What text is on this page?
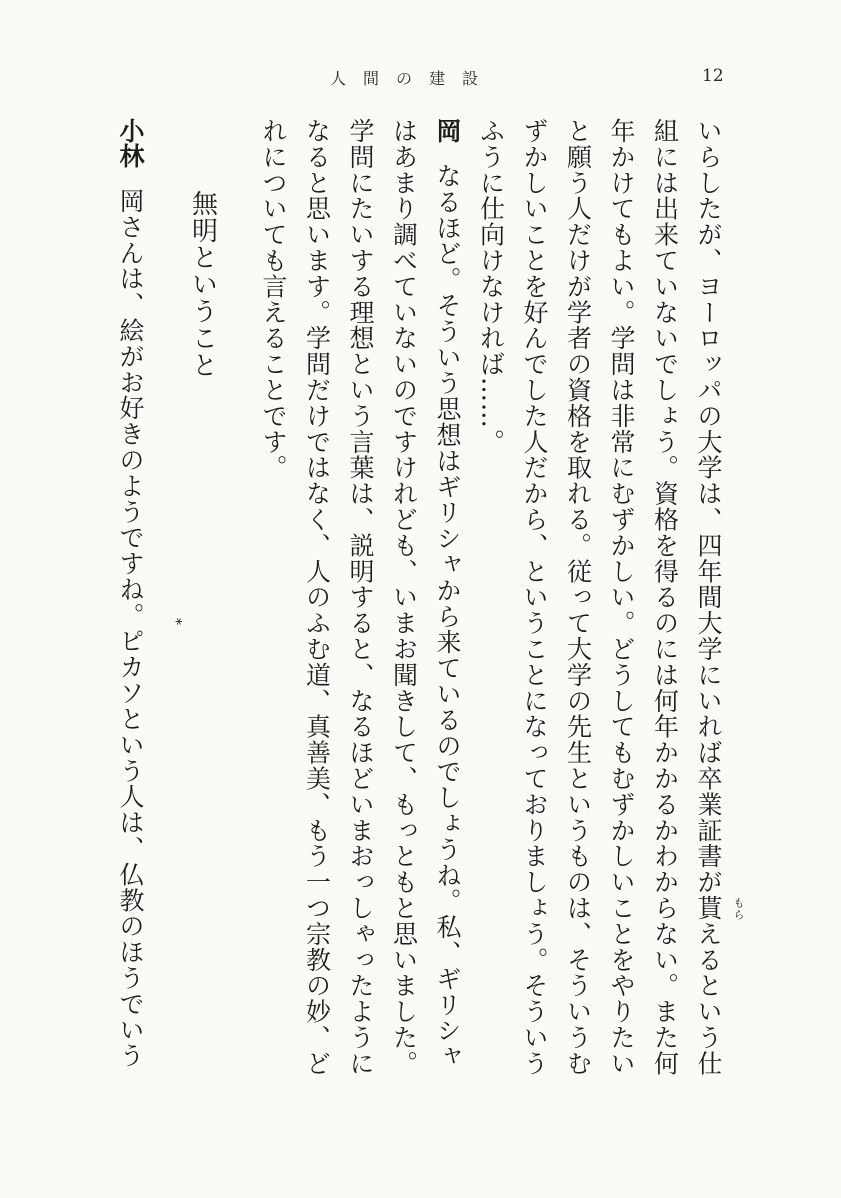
人間の建設	12
いらしたが、ヨーロッパの大学は、四年間大学にいれば卒業証書が貰 もら
えるという仕
組には出来ていないでしょう。資格を得るのには何年かかるかわからない。また何
年かけてもよい。学問は非常にむずかしい。どうしてもむずかしいことをやりたい
と願う人だけが学者の資格を取れる。従って大学の先生というものは、そういうむ
ずかしいことを好んでした人だから、ということになっておりましょう。そういう
ふうに仕向けなければ……。
岡なるほど。そういう思想はギリシャから来ているのでしょうね。私、ギリシャ
はあまり調べていないのですけれども、いまお聞きして、もっともと思いました。
学問にたいする理想という言葉は、説明すると、なるほどいまおっしゃったように
なると思います。学問だけではなく、人のふむ道、真善美、もう一つ宗教の妙、ど
れについても言えることです。
無明ということ
小林岡さんは、絵がお好きのようですね。ピ *カソという人は、仏教のほうでいう
